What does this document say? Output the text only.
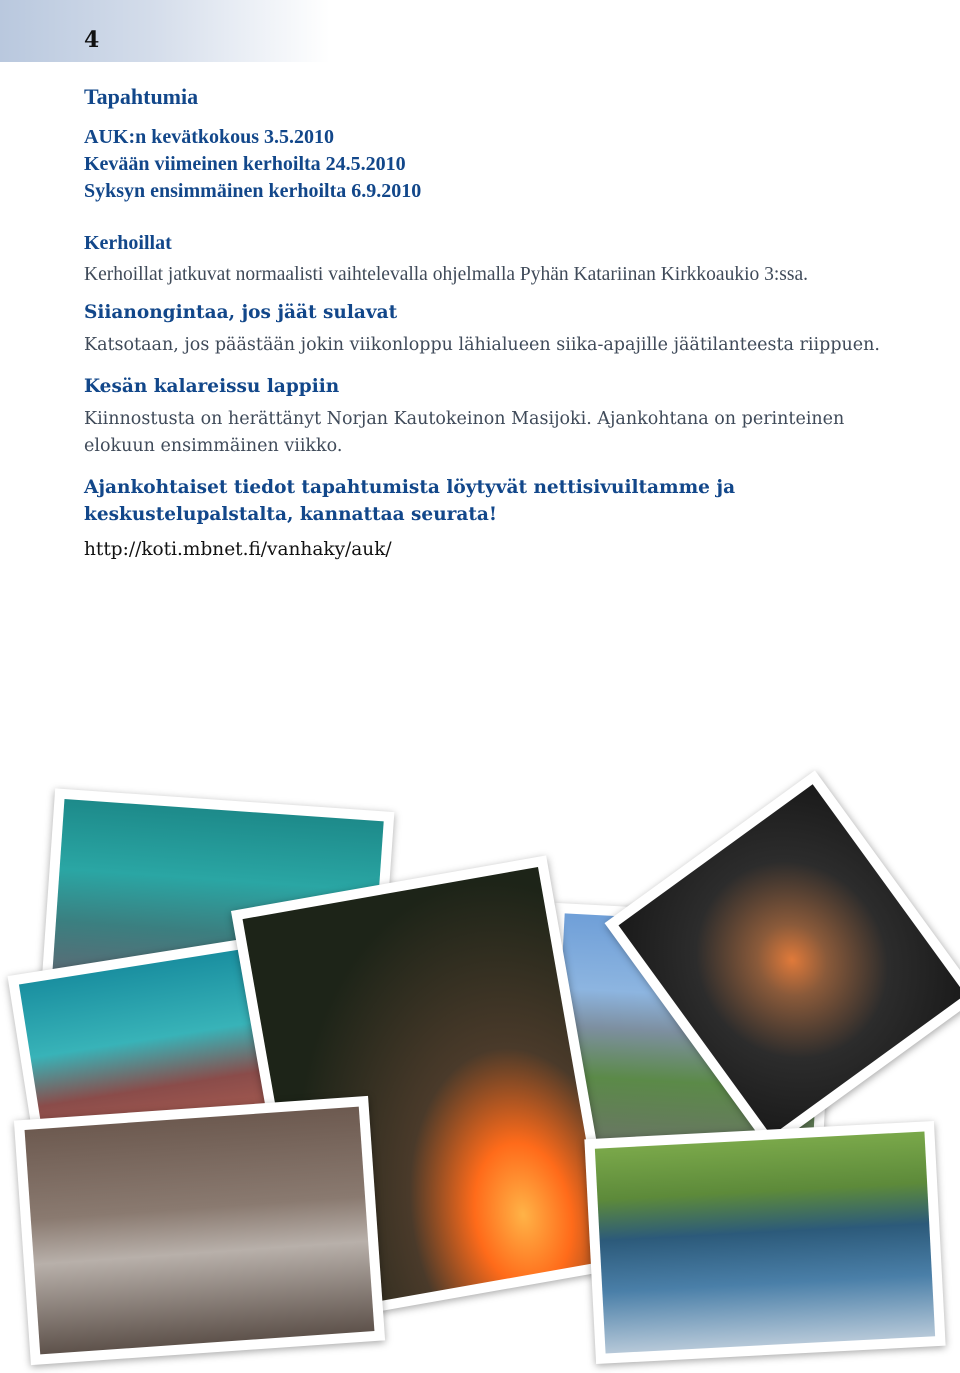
4
Tapahtumia
AUK:n kevätkokous 3.5.2010
Kevään viimeinen kerhoilta 24.5.2010
Syksyn ensimmäinen kerhoilta 6.9.2010
Kerhoillat
Kerhoillat jatkuvat normaalisti vaihtelevalla ohjelmalla Pyhän Katariinan Kirkkoaukio 3:ssa.
Siianongintaa, jos jäät sulavat
Katsotaan, jos päästään jokin viikonloppu lähialueen siika-apajille jäätilanteesta riippuen.
Kesän kalareissu lappiin
Kiinnostusta on herättänyt Norjan Kautokeinon Masijoki. Ajankohtana on perinteinen elokuun ensimmäinen viikko.
Ajankohtaiset tiedot tapahtumista löytyvät nettisivuiltamme ja keskustelupalstalta, kannattaa seurata!
http://koti.mbnet.fi/vanhaky/auk/
